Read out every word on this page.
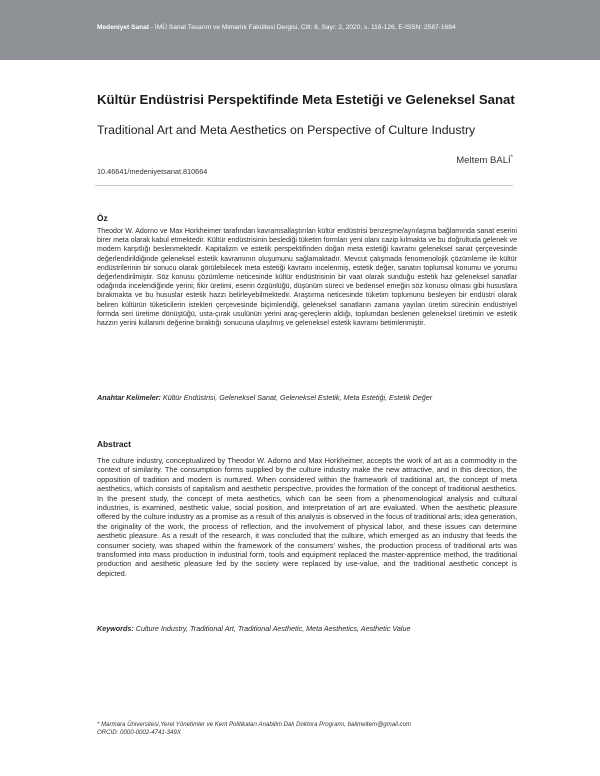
Medeniyet Sanat - İMÜ Sanat Tasarım ve Mimarlık Fakültesi Dergisi, Cilt: 6, Sayı: 2, 2020, s. 116-126, E-ISSN: 2587-1684
Kültür Endüstrisi Perspektifinde Meta Estetiği ve Geleneksel Sanat
Traditional Art and Meta Aesthetics on Perspective of Culture Industry
Meltem BALİ*
10.46641/medeniyetsanat.810664
Öz
Theodor W. Adorno ve Max Horkheimer tarafından kavramsallaştırılan kültür endüstrisi benzeşme/aynılaşma bağlamında sanat eserini birer meta olarak kabul etmektedir. Kültür endüstrisinin beslediği tüketim formları yeni olanı cazip kılmakta ve bu doğrultuda gelenek ve modern karşıtlığı beslenmektedir. Kapitalizm ve estetik perspektifinden doğan meta estetiği kavramı geleneksel sanat çerçevesinde değerlendirildiğinde geleneksel estetik kavramının oluşumunu sağlamaktadır. Mevcut çalışmada fenomenolojik çözümleme ile kültür endüstrilerinin bir sonucu olarak görülebilecek meta estetiği kavramı incelenmiş, estetik değer, sanatın toplumsal konumu ve yorumu değerlendirilmiştir. Söz konusu çözümleme neticesinde kültür endüstrisinin bir vaat olarak sunduğu estetik haz geleneksel sanatlar odağında incelendiğinde yerini; fikir üretimi, eserin özgünlüğü, düşünüm süreci ve bedensel emeğin söz konusu olması gibi hususlara bırakmakta ve bu hususlar estetik hazzı belirleyebilmektedir. Araştırma neticesinde tüketim toplumunu besleyen bir endüstri olarak beliren kültürün tüketicilerin istekleri çerçevesinde biçimlendiği, geleneksel sanatların zamana yayılan üretim sürecinin endüstriyel formda seri üretime dönüştüğü, usta-çırak usulünün yerini araç-gereçlerin aldığı, toplumdan beslenen geleneksel üretimin ve estetik hazzın yerini kullanım değerine bıraktığı sonucuna ulaşılmış ve geleneksel estetik kavramı betimlenmiştir.
Anahtar Kelimeler: Kültür Endüstrisi, Geleneksel Sanat, Geleneksel Estetik, Meta Estetiği, Estetik Değer
Abstract
The culture industry, conceptualized by Theodor W. Adorno and Max Horkheimer, accepts the work of art as a commodity in the context of similarity. The consumption forms supplied by the culture industry make the new attractive, and in this direction, the opposition of tradition and modern is nurtured. When considered within the framework of traditional art, the concept of meta aesthetics, which consists of capitalism and aesthetic perspective, provides the formation of the concept of traditional aesthetics. In the present study, the concept of meta aesthetics, which can be seen from a phenomenological analysis and cultural industries, is examined, aesthetic value, social position, and interpretation of art are evaluated. When the aesthetic pleasure offered by the culture industry as a promise as a result of this analysis is observed in the focus of traditional arts; idea generation, the originality of the work, the process of reflection, and the involvement of physical labor, and these issues can determine aesthetic pleasure. As a result of the research, it was concluded that the culture, which emerged as an industry that feeds the consumer society, was shaped within the framework of the consumers' wishes, the production process of traditional arts was transformed into mass production in industrial form, tools and equipment replaced the master-apprentice method, the traditional production and aesthetic pleasure fed by the society were replaced by use-value, and the traditional aesthetic concept is depicted.
Keywords: Culture Industry, Traditional Art, Traditional Aesthetic, Meta Aesthetics, Aesthetic Value
* Marmara Üniversitesi,Yerel Yönetimler ve Kent Politikaları Anabilim Dalı Doktora Programı, balimeltem@gmail.com
ORCID: 0000-0002-4741-349X
